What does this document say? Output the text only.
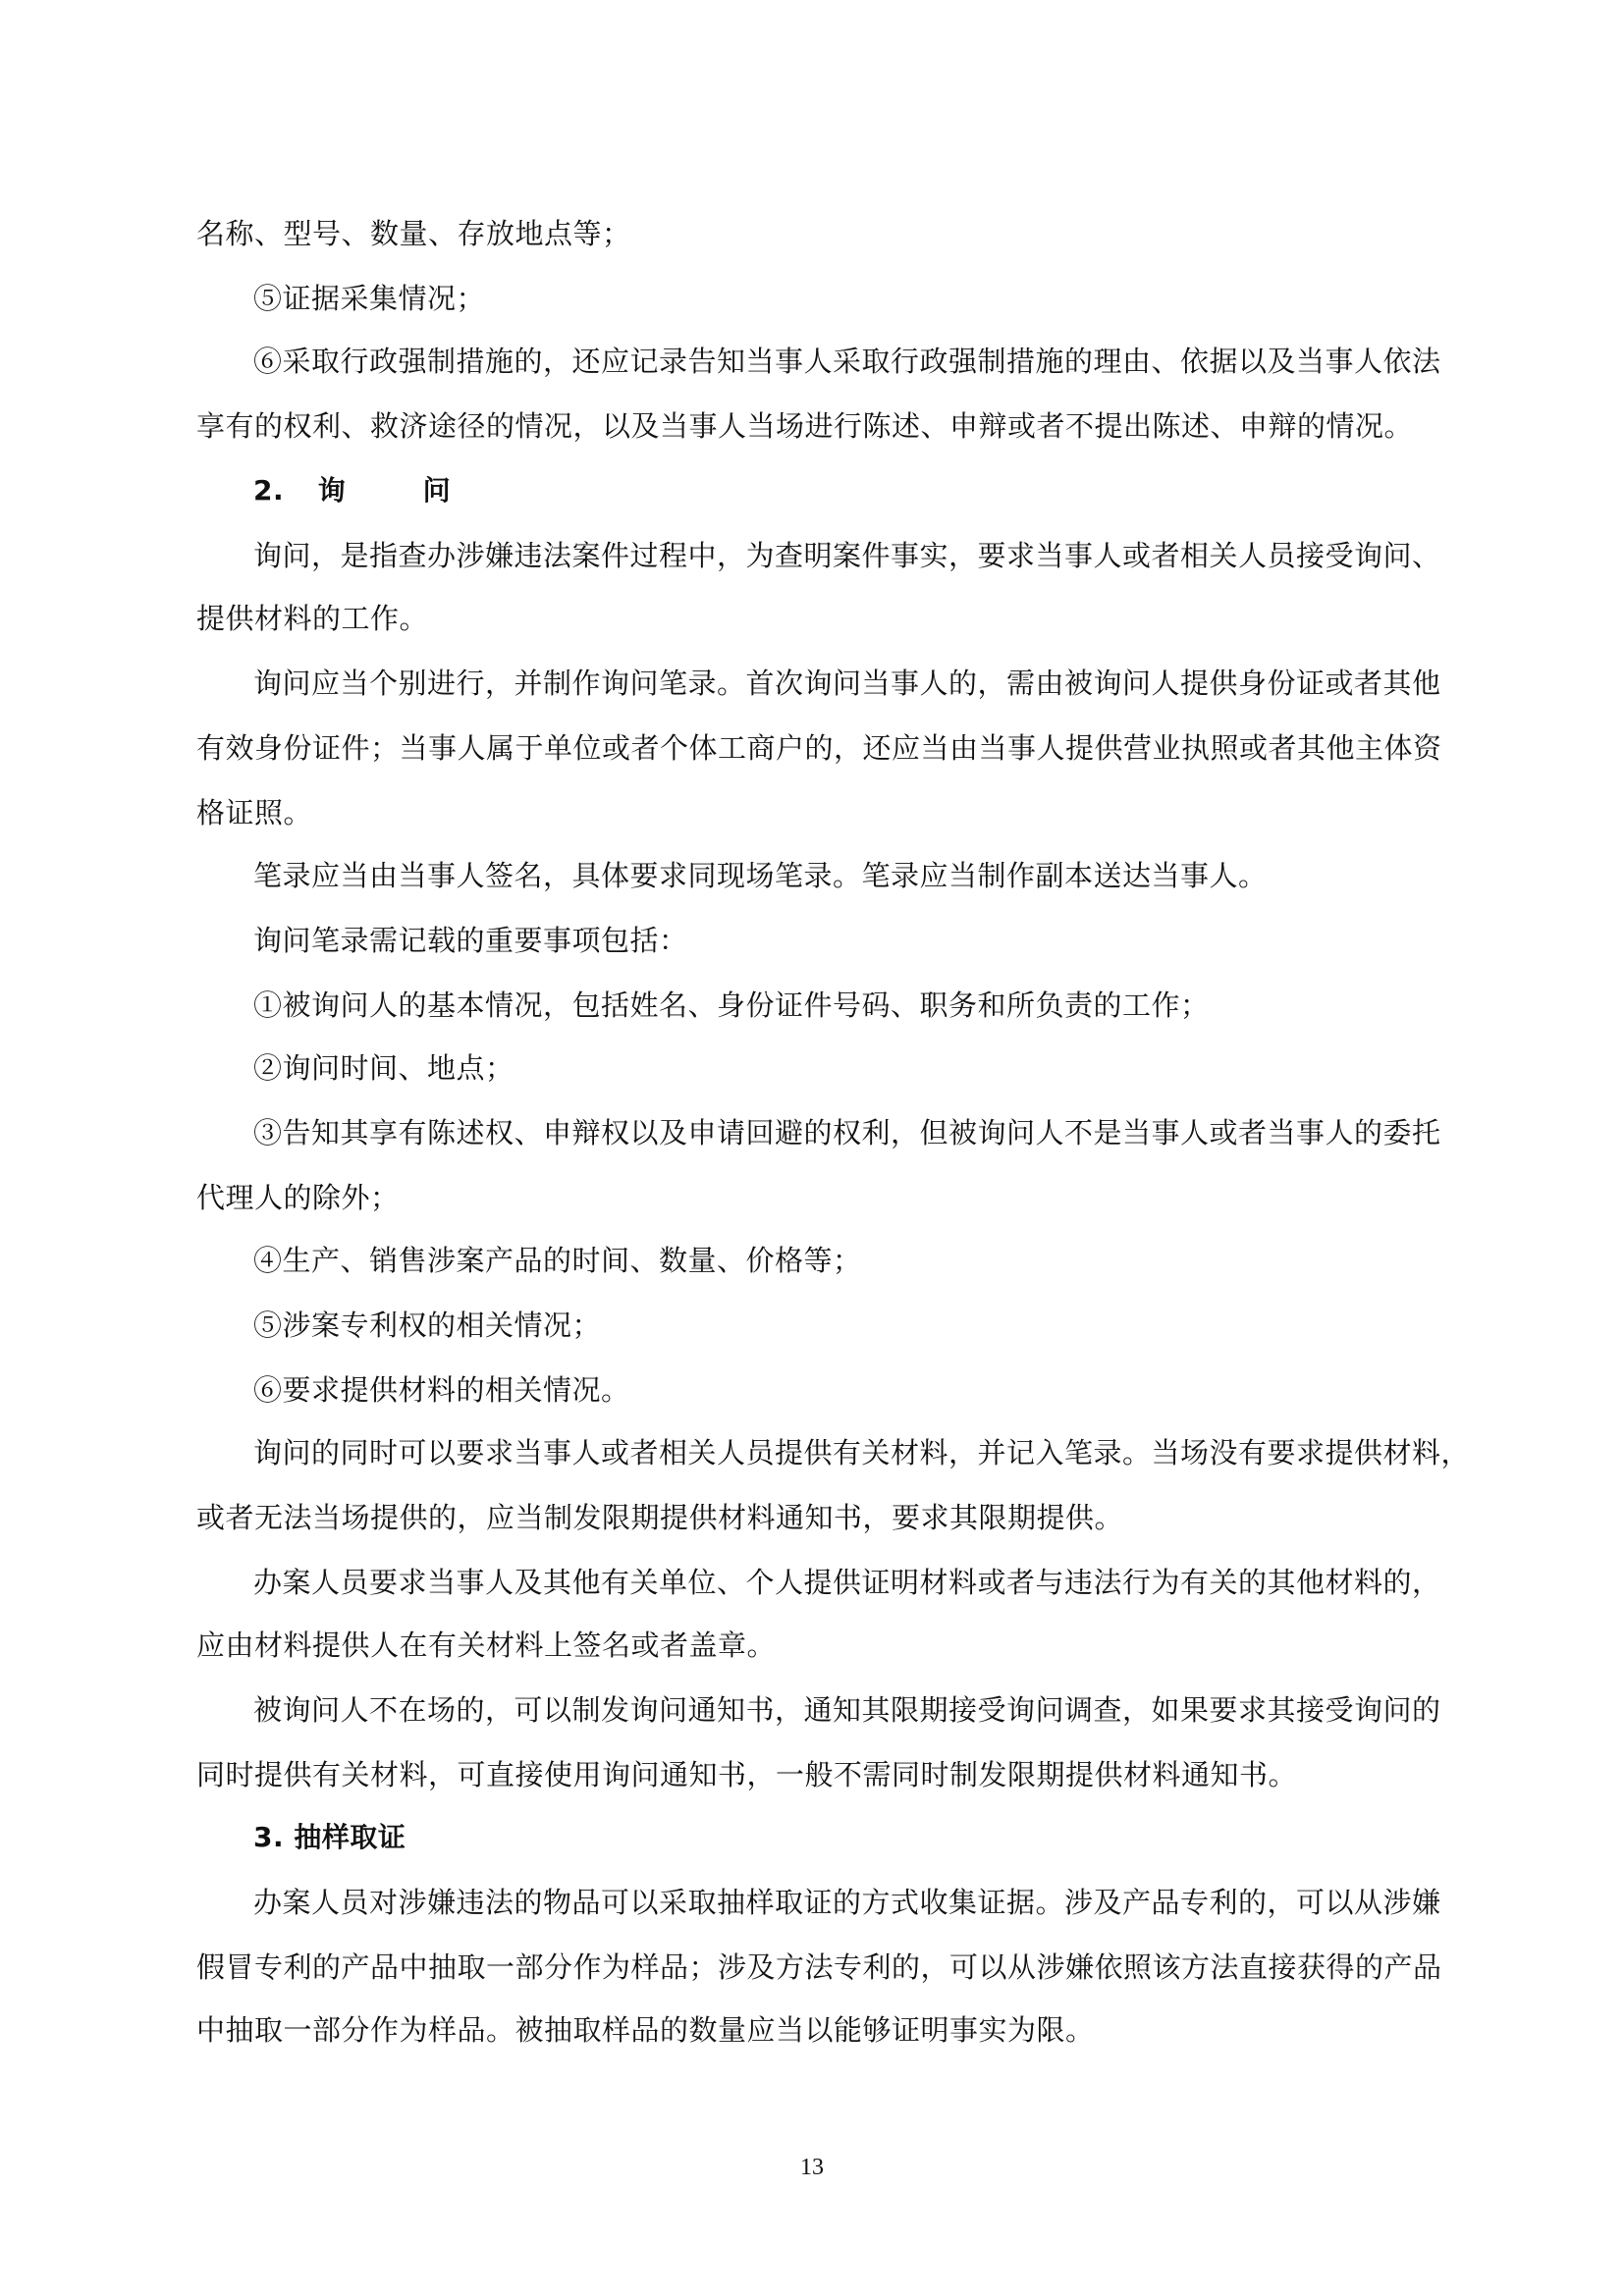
名称、型号、数量、存放地点等；
⑤证据采集情况；
⑥采取行政强制措施的，还应记录告知当事人采取行政强制措施的理由、依据以及当事人依法
享有的权利、救济途径的情况，以及当事人当场进行陈述、申辩或者不提出陈述、申辩的情况。
2. 询	问
询问，是指查办涉嫌违法案件过程中，为查明案件事实，要求当事人或者相关人员接受询问、
提供材料的工作。
询问应当个别进行，并制作询问笔录。首次询问当事人的，需由被询问人提供身份证或者其他
有效身份证件；当事人属于单位或者个体工商户的，还应当由当事人提供营业执照或者其他主体资
格证照。
笔录应当由当事人签名，具体要求同现场笔录。笔录应当制作副本送达当事人。
询问笔录需记载的重要事项包括：
①被询问人的基本情况，包括姓名、身份证件号码、职务和所负责的工作；
②询问时间、地点；
③告知其享有陈述权、申辩权以及申请回避的权利，但被询问人不是当事人或者当事人的委托
代理人的除外；
④生产、销售涉案产品的时间、数量、价格等；
⑤涉案专利权的相关情况；
⑥要求提供材料的相关情况。
询问的同时可以要求当事人或者相关人员提供有关材料，并记入笔录。当场没有要求提供材料，
或者无法当场提供的，应当制发限期提供材料通知书，要求其限期提供。
办案人员要求当事人及其他有关单位、个人提供证明材料或者与违法行为有关的其他材料的，
应由材料提供人在有关材料上签名或者盖章。
被询问人不在场的，可以制发询问通知书，通知其限期接受询问调查，如果要求其接受询问的
同时提供有关材料，可直接使用询问通知书，一般不需同时制发限期提供材料通知书。
3. 抽样取证
办案人员对涉嫌违法的物品可以采取抽样取证的方式收集证据。涉及产品专利的，可以从涉嫌
假冒专利的产品中抽取一部分作为样品；涉及方法专利的，可以从涉嫌依照该方法直接获得的产品
中抽取一部分作为样品。被抽取样品的数量应当以能够证明事实为限。
13
